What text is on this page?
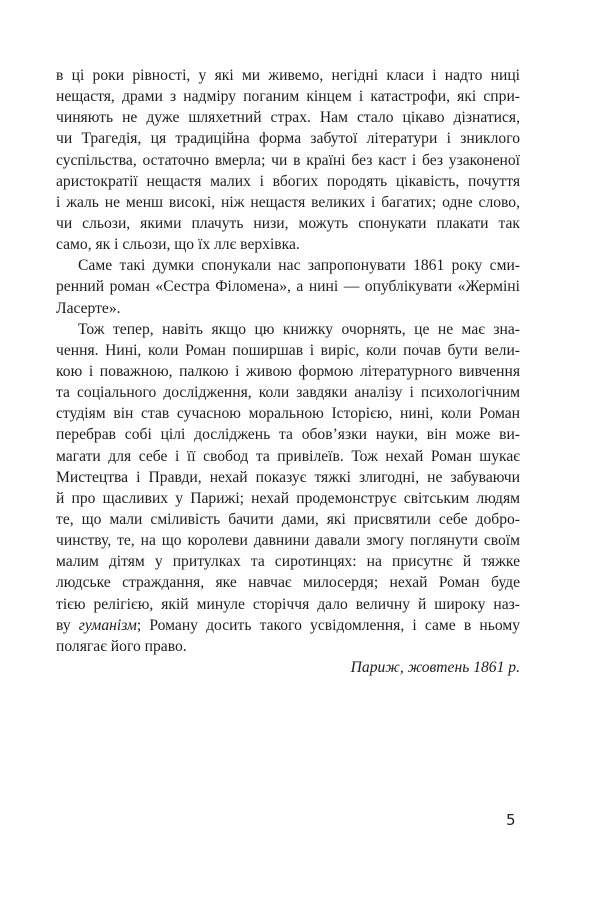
в ці роки рівності, у які ми живемо, негідні класи і надто ниці
нещастя, драми з надміру поганим кінцем і катастрофи, які спри-
чиняють не дуже шляхетний страх. Нам стало цікаво дізнатися,
чи Трагедія, ця традиційна форма забутої літератури і зниклого
суспільства, остаточно вмерла; чи в країні без каст і без узаконеної
аристократії нещастя малих і вбогих породять цікавість, почуття
і жаль не менш високі, ніж нещастя великих і багатих; одне слово,
чи сльози, якими плачуть низи, можуть спонукати плакати так
само, як і сльози, що їх ллє верхівка.
Саме такі думки спонукали нас запропонувати 1861 року сми-
ренний роман «Сестра Філомена», а нині — опублікувати «Жерміні
Ласерте».
Тож тепер, навіть якщо цю книжку очорнять, це не має зна-
чення. Нині, коли Роман поширшав і виріс, коли почав бути вели-
кою і поважною, палкою і живою формою літературного вивчення
та соціального дослідження, коли завдяки аналізу і психологічним
студіям він став сучасною моральною Історією, нині, коли Роман
перебрав собі цілі досліджень та обов’язки науки, він може ви-
магати для себе і її свобод та привілеїв. Тож нехай Роман шукає
Мистецтва і Правди, нехай показує тяжкі злигодні, не забуваючи
й про щасливих у Парижі; нехай продемонструє світським людям
те, що мали сміливість бачити дами, які присвятили себе добро-
чинству, те, на що королеви давнини давали змогу поглянути своїм
малим дітям у притулках та сиротинцях: на присутнє й тяжке
людське страждання, яке навчає милосердя; нехай Роман буде
тією релігією, якій минуле сторіччя дало величну й широку наз-
ву гуманізм; Роману досить такого усвідомлення, і саме в ньому
полягає його право.
Париж, жовтень 1861 р.
5
